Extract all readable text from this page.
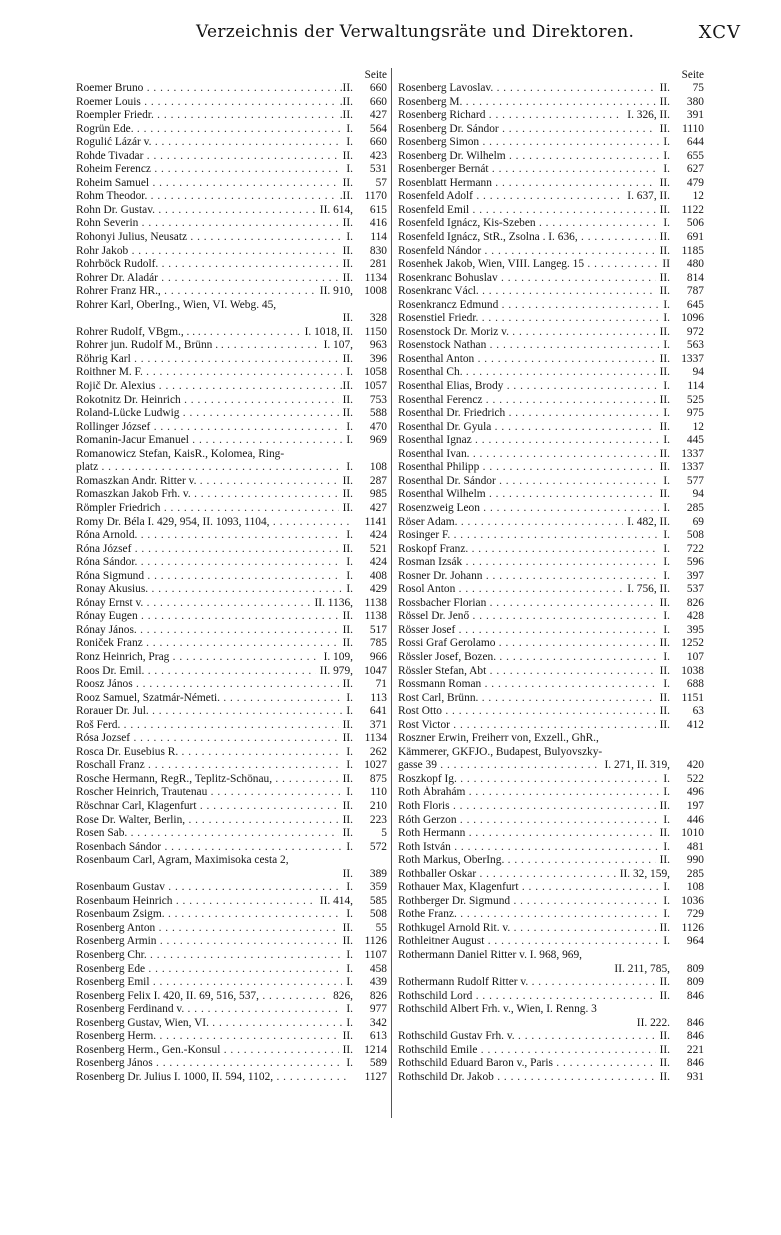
Verzeichnis der Verwaltungsräte und Direktoren.	XCV
Seite
Roemer Bruno . . .	.II.	660
Roemer Louis . . .	.II.	660
Roempler Friedr. . . .	.II.	427
Rogrün Ede. . . .	I.	564
Rogulić Lázár v. . . .	I.	660
Rohde Tivadar . . .	II.	423
Roheim Ferencz . . .	I.	531
Roheim Samuel . . .	II.	57
Rohm Theodor. . . .	.II.	1170
Rohn Dr. Gustav. . . .	II. 614,	615
Rohn Severin . . .	II.	416
Rohonyi Julius, Neusatz . . .	I.	114
Rohr Jakob . . .	II.	830
Rohrböck Rudolf. . . .	II.	281
Rohrer Dr. Aladár . . .	II.	1134
Rohrer Franz HR., . . .	II. 910, 1008
Rohrer Karl, OberIng., Wien, VI. Webg. 45,
II.	328
Rohrer Rudolf, VBgm., . . . . . . .	I. 1018, II.	1150
Rohrer jun. Rudolf M., Brünn . . . . .	I. 107,	963
Röhrig Karl . . .	II.	396
Roithner M. F. . . .	I. 1058
Rojič Dr. Alexius . . .	.II. 1057
Rokotnitz Dr. Heinrich . . .	II.	753
Roland-Lücke Ludwig . . .	II.	588
Rollinger József . . .	I.	470
Romanin-Jacur Emanuel . . .	I.	969
Romanowicz Stefan, KaisR., Kolomea, Ring-
platz . . .	I.	108
Romaszkan Andr. Ritter v. . . .	II.	287
Romaszkan Jakob Frh. v. . . .	II.	985
Römpler Friedrich . . .	II.	427
Romy Dr. Béla I. 429, 954, II. 1093, 1104, . . .	1141
Róna Arnold. . . .	I.	424
Róna József . . .	II.	521
Róna Sándor. . . .	I.	424
Róna Sigmund . . .	I.	408
Ronay Akusius. . . .	I.	429
Rónay Ernst v. . . .	II. 1136,	1138
Rónay Eugen . . .	II.	1138
Rónay János. . . .	II.	517
Roniček Franz . . .	II.	785
Ronz Heinrich, Prag . . .	I. 109,	966
Roos Dr. Emil. . . .	II. 979, 1047
Roosz János . . .	II.	71
Rooz Samuel, Szatmár-Németi. . . .	I.	113
Rorauer Dr. Jul. . . .	I.	641
Roš Ferd. . . .	II.	371
Rósa Jozsef . . .	II.	1134
Rosca Dr. Eusebius R. . . .	I.	262
Roschall Franz . . .	I. 1027
Rosche Hermann, RegR., Teplitz-Schönau, . . .	II.	875
Roscher Heinrich, Trautenau . . .	I.	110
Röschnar Carl, Klagenfurt . . .	II.	210
Rose Dr. Walter, Berlin, . . .	II.	223
Rosen Sab. . . .	II.	5
Rosenbach Sándor . . .	I.	572
Rosenbaum Carl, Agram, Maximisoka cesta 2,
II.	389
Rosenbaum Gustav . . .	I.	359
Rosenbaum Heinrich . . .	II. 414,	585
Rosenbaum Zsigm. . . .	I.	508
Rosenberg Anton . . .	II.	55
Rosenberg Armin . . .	II.	1126
Rosenberg Chr. . . .	I.	1107
Rosenberg Ede . . .	I.	458
Rosenberg Emil . . .	I.	439
Rosenberg Felix I. 420, II. 69, 516, 537, . . .	826,	826
Rosenberg Ferdinand v. . . .	I.	977
Rosenberg Gustav, Wien, VI. . . .	I.	342
Rosenberg Herm. . . .	II.	613
Rosenberg Herm., Gen.-Konsul . . .	II. 1214
Rosenberg János . . .	I.	589
Rosenberg Dr. Julius I. 1000, II. 594, 1102, . . .	1127
Seite
Rosenberg Lavoslav. . . .	II.	75
Rosenberg M. . . .	II.	380
Rosenberg Richard . . .	I. 326, II.	391
Rosenberg Dr. Sándor . . .	II.	1110
Rosenberg Simon . . .	I.	644
Rosenberg Dr. Wilhelm . . .	I.	655
Rosenberger Bernát . . .	I.	627
Rosenblatt Hermann . . .	II.	479
Rosenfeld Adolf . . .	I. 637, II.	12
Rosenfeld Emil . . .	II.	1122
Rosenfeld Ignácz, Kis-Szeben . . .	I.	506
Rosenfeld Ignácz, StR., Zsolna . I. 636, . . .	II.	691
Rosenfeld Nándor . . .	II.	1185
Rosenhek Jakob, Wien, VIII. Langeg. 15 . . .	II	480
Rosenkranc Bohuslav . . .	II.	814
Rosenkranc Václ. . . .	II.	787
Rosenkrancz Edmund . . .	I.	645
Rosenstiel Friedr. . . .	I. 1096
Rosenstock Dr. Moriz v. . . .	II.	972
Rosenstock Nathan . . .	I.	563
Rosenthal Anton . . .	II. 1337
Rosenthal Ch. . . .	II.	94
Rosenthal Elias, Brody . . .	I.	114
Rosenthal Ferencz . . .	II.	525
Rosenthal Dr. Friedrich . . .	I.	975
Rosenthal Dr. Gyula . . .	II.	12
Rosenthal Ignaz . . .	I.	445
Rosenthal Ivan. . . .	II. 1337
Rosenthal Philipp . . .	II. 1337
Rosenthal Dr. Sándor . . .	I.	577
Rosenthal Wilhelm . . .	II.	94
Rosenzweig Leon . . .	I.	285
Röser Adam. . . .	I. 482, II.	69
Rosinger F. . . .	I.	508
Roskopf Franz. . . .	I.	722
Rosman Izsák . . .	I.	596
Rosner Dr. Johann . . .	I.	397
Rosol Anton . . .	I. 756, II.	537
Rossbacher Florian . . .	II.	826
Rössel Dr. Jenő . . .	I.	428
Rösser Josef . . .	I.	395
Rossi Graf Gerolamo . . .	II. 1252
Rössler Josef, Bozen. . . .	I.	107
Rössler Stefan, Abt . . .	II. 1038
Rossmann Roman . . .	I.	688
Rost Carl, Brünn. . . .	II.	1151
Rost Otto . . .	II.	63
Rost Victor . . .	II.	412
Roszner Erwin, Freiherr von, Exzell., GhR.,
Kämmerer, GKFJO., Budapest, Bulyovszky-
gasse 39 . . .	I. 271, II. 319,	420
Roszkopf Ig. . . .	I.	522
Roth Ábrahám . . .	I.	496
Roth Floris . . .	II.	197
Róth Gerzon . . .	I.	446
Roth Hermann . . .	II. 1010
Roth István . . .	I.	481
Roth Markus, OberIng. . . .	II.	990
Rothballer Oskar . . .	II. 32, 159,	285
Rothauer Max, Klagenfurt . . .	I.	108
Rothberger Dr. Sigmund . . .	I. 1036
Rothe Franz. . . .	I.	729
Rothkugel Arnold Rit. v. . . .	II.	1126
Rothleitner August . . .	I.	964
Rothermann Daniel Ritter v. I. 968, 969,
II. 211, 785,	809
Rothermann Rudolf Ritter v. . . .	II.	809
Rothschild Lord . . .	II.	846
Rothschild Albert Frh. v., Wien, I. Renng. 3
II. 222.	846
Rothschild Gustav Frh. v. . . .	II.	846
Rothschild Emile . . .	II.	221
Rothschild Eduard Baron v., Paris . . .	II.	846
Rothschild Dr. Jakob . . .	II.	931
